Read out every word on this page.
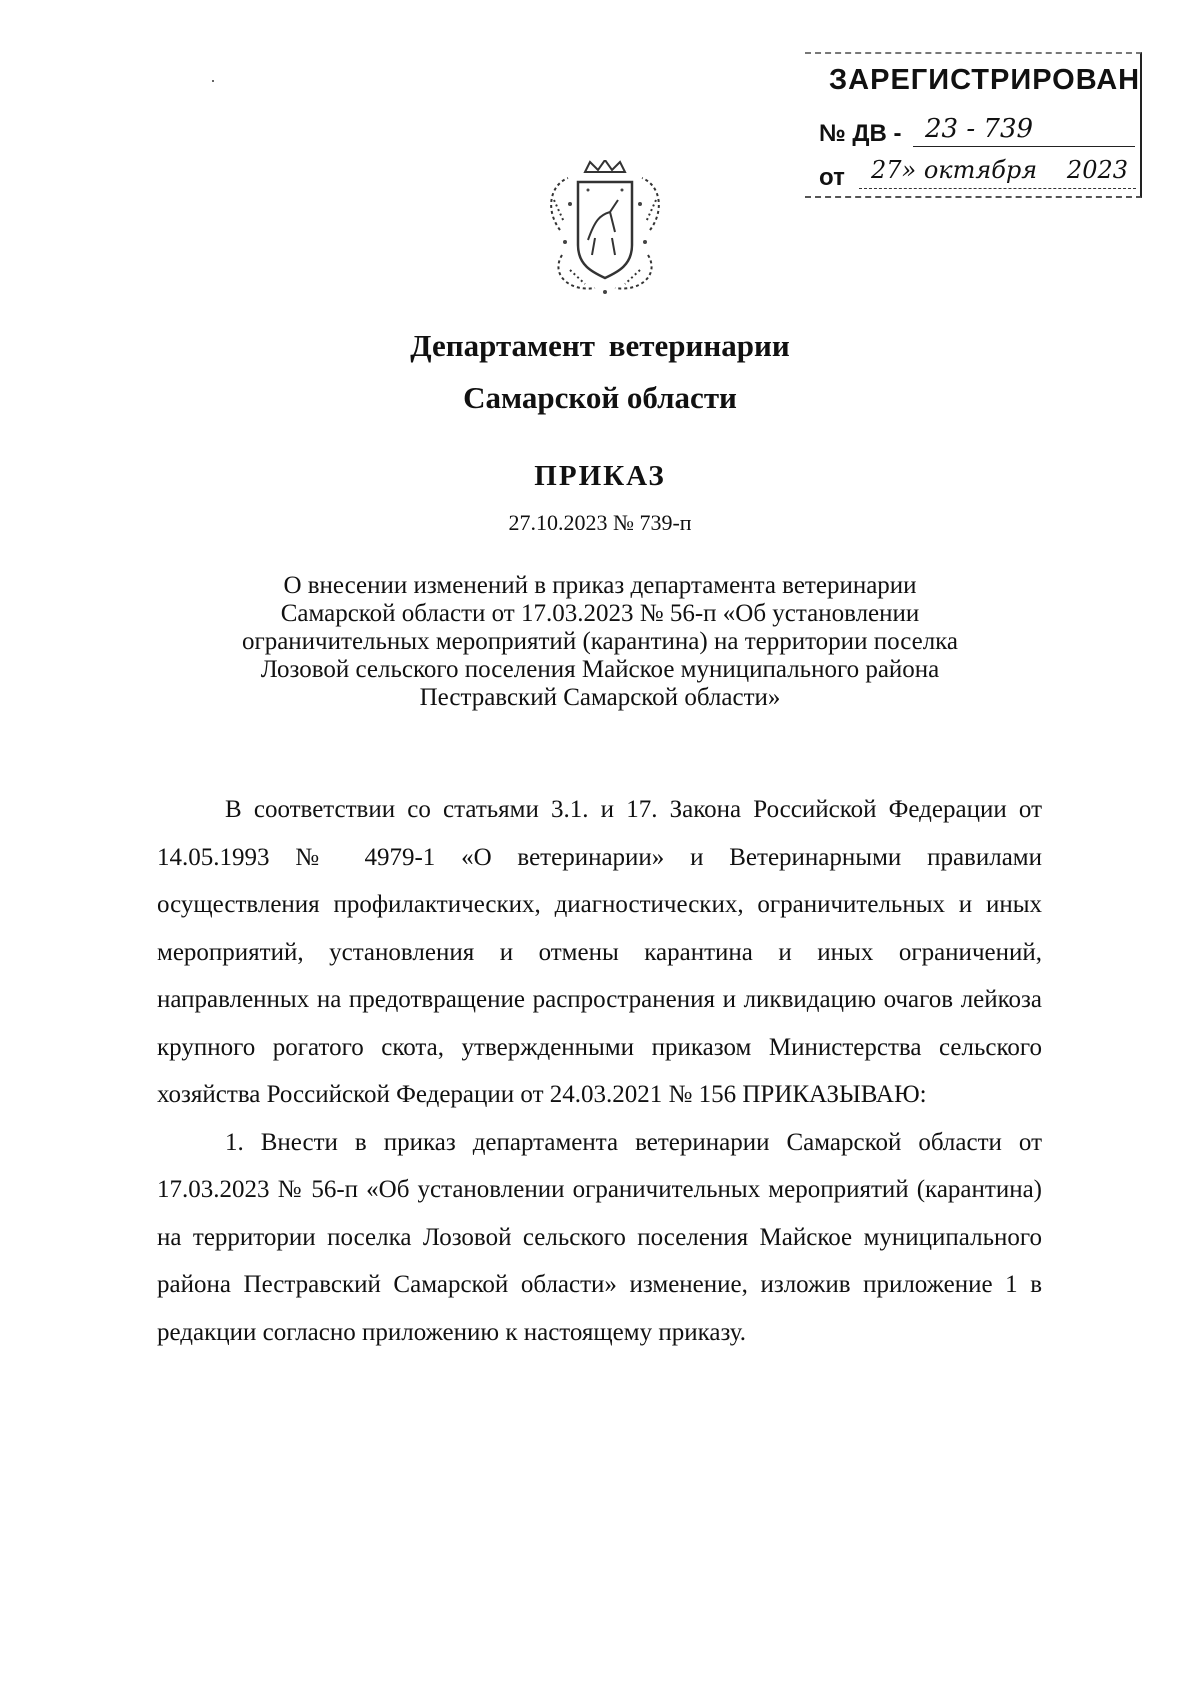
ЗАРЕГИСТРИРОВАН
№ ДВ - 23 - 739
от	27» октября 2023
Департамент ветеринарии
Самарской области
ПРИКАЗ
27.10.2023 № 739-п
О внесении изменений в приказ департамента ветеринарии
Самарской области от 17.03.2023 № 56-п «Об установлении
ограничительных мероприятий (карантина) на территории поселка
Лозовой сельского поселения Майское муниципального района
Пестравский Самарской области»

В соответствии со статьями 3.1. и 17. Закона Российской Федерации от 14.05.1993 № 4979-1 «О ветеринарии» и Ветеринарными правилами осуществления профилактических, диагностических, ограничительных и иных мероприятий, установления и отмены карантина и иных ограничений, направленных на предотвращение распространения и ликвидацию очагов лейкоза крупного рогатого скота, утвержденными приказом Министерства сельского хозяйства Российской Федерации от 24.03.2021 № 156 ПРИКАЗЫВАЮ:

1. Внести в приказ департамента ветеринарии Самарской области от 17.03.2023 № 56-п «Об установлении ограничительных мероприятий (карантина) на территории поселка Лозовой сельского поселения Майское муниципального района Пестравский Самарской области» изменение, изложив приложение 1 в редакции согласно приложению к настоящему приказу.
